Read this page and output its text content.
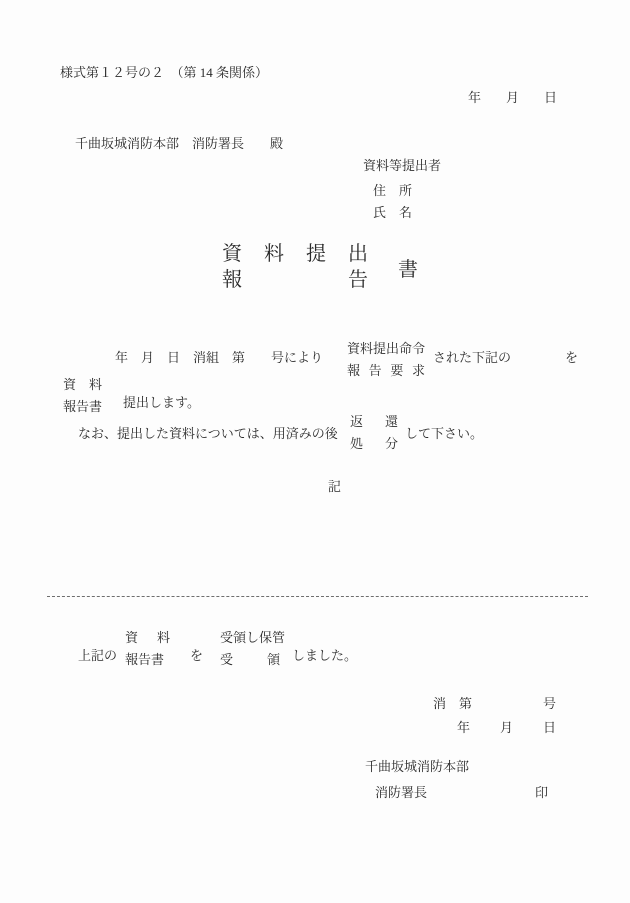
様式第１２号の２　（第 14 条関係）
年 月 日
千曲坂城消防本部　消防署長　　殿
資料等提出者
住　所
氏　名
資 料 提 出
報	告 書
年　月　日　消組　第　　号により
資料提出命令
報 告 要 求
された下記の	を
資 料
報告書 提出します。
なお、提出した資料については、用済みの後
返 還
処 分
して下さい。
記
上記の
資 料
報告書	を
受領し保管
受	領 しました。
消　第	号
年 月 日
千曲坂城消防本部
消防署長	印
